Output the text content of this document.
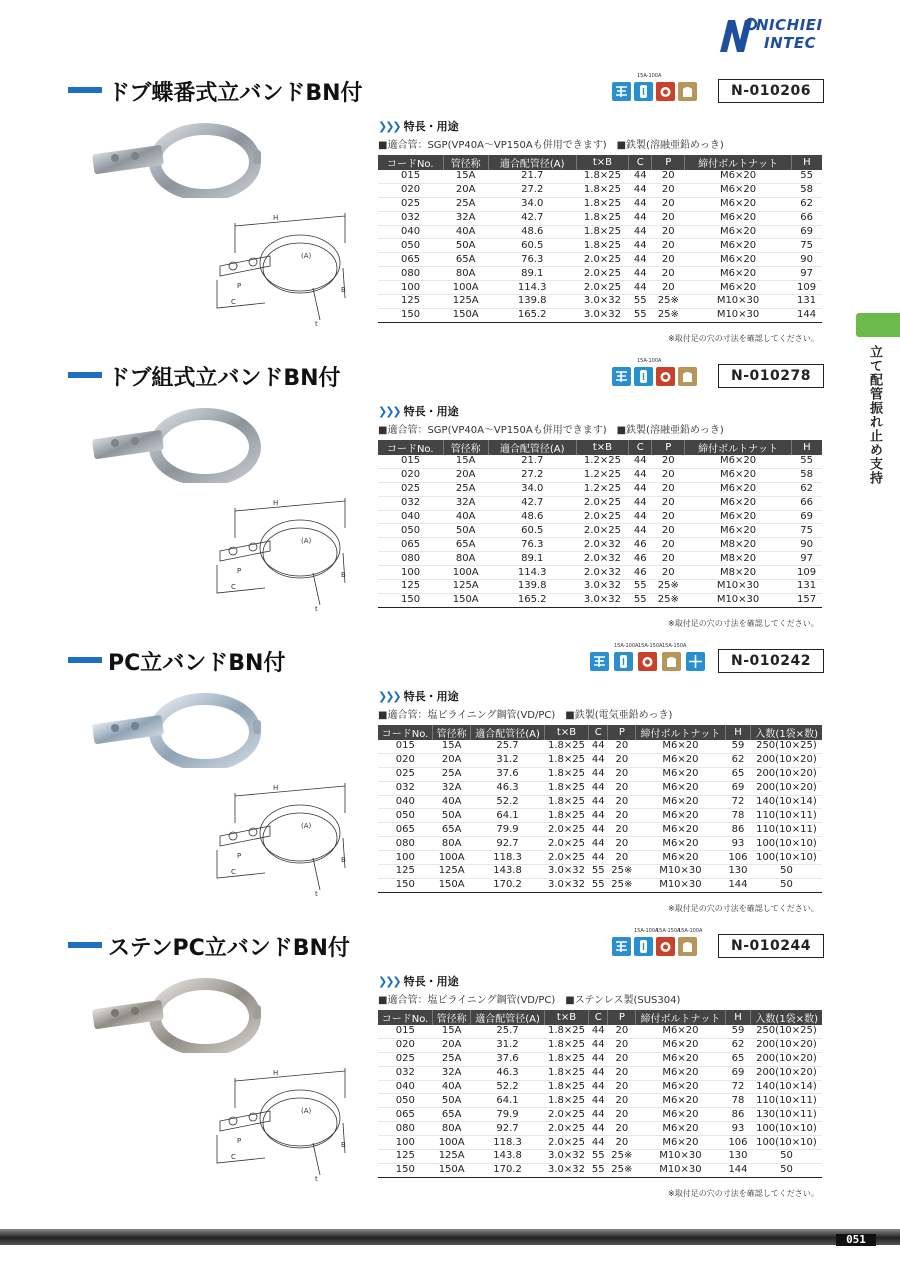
NICHIEI
INTEC
立て配管振れ止め支持
ドブ蝶番式立バンドBN付
15A-100A
N-010206
H
(A)
P
C
B
t
❯❯❯ 特長・用途
■適合管：SGP(VP40A～VP150Aも併用できます)　■鉄製(溶融亜鉛めっき)
コードNo.	管径称	適合配管径(A)	t×B	C	P	締付ボルトナット	H
015	15A	21.7	1.8×25	44	20	M6×20	55
020	20A	27.2	1.8×25	44	20	M6×20	58
025	25A	34.0	1.8×25	44	20	M6×20	62
032	32A	42.7	1.8×25	44	20	M6×20	66
040	40A	48.6	1.8×25	44	20	M6×20	69
050	50A	60.5	1.8×25	44	20	M6×20	75
065	65A	76.3	2.0×25	44	20	M6×20	90
080	80A	89.1	2.0×25	44	20	M6×20	97
100	100A	114.3	2.0×25	44	20	M6×20	109
125	125A	139.8	3.0×32	55	25※	M10×30	131
150	150A	165.2	3.0×32	55	25※	M10×30	144
※取付足の穴の寸法を確認してください。
ドブ組式立バンドBN付
15A-100A
N-010278
H
(A)
P
C
B
t
❯❯❯ 特長・用途
■適合管：SGP(VP40A～VP150Aも併用できます)　■鉄製(溶融亜鉛めっき)
コードNo.	管径称	適合配管径(A)	t×B	C	P	締付ボルトナット	H
015	15A	21.7	1.2×25	44	20	M6×20	55
020	20A	27.2	1.2×25	44	20	M6×20	58
025	25A	34.0	1.2×25	44	20	M6×20	62
032	32A	42.7	2.0×25	44	20	M6×20	66
040	40A	48.6	2.0×25	44	20	M6×20	69
050	50A	60.5	2.0×25	44	20	M6×20	75
065	65A	76.3	2.0×32	46	20	M8×20	90
080	80A	89.1	2.0×32	46	20	M8×20	97
100	100A	114.3	2.0×32	46	20	M8×20	109
125	125A	139.8	3.0×32	55	25※	M10×30	131
150	150A	165.2	3.0×32	55	25※	M10×30	157
※取付足の穴の寸法を確認してください。
PC立バンドBN付
15A-100A 15A-150A 15A-150A
N-010242
H
(A)
P
C
B
t
❯❯❯ 特長・用途
■適合管：塩ビライニング鋼管(VD/PC)　■鉄製(電気亜鉛めっき)
コードNo.	管径称	適合配管径(A)	t×B	C	P	締付ボルトナット	H	入数(1袋×数)
015	15A	25.7	1.8×25	44	20	M6×20	59	250(10×25)
020	20A	31.2	1.8×25	44	20	M6×20	62	200(10×20)
025	25A	37.6	1.8×25	44	20	M6×20	65	200(10×20)
032	32A	46.3	1.8×25	44	20	M6×20	69	200(10×20)
040	40A	52.2	1.8×25	44	20	M6×20	72	140(10×14)
050	50A	64.1	1.8×25	44	20	M6×20	78	110(10×11)
065	65A	79.9	2.0×25	44	20	M6×20	86	110(10×11)
080	80A	92.7	2.0×25	44	20	M6×20	93	100(10×10)
100	100A	118.3	2.0×25	44	20	M6×20	106	100(10×10)
125	125A	143.8	3.0×32	55	25※	M10×30	130	50
150	150A	170.2	3.0×32	55	25※	M10×30	144	50
※取付足の穴の寸法を確認してください。
ステンPC立バンドBN付
15A-100A
15A-150A
15A-100A
N-010244
H
(A)
P
C
B
t
❯❯❯ 特長・用途
■適合管：塩ビライニング鋼管(VD/PC)　■ステンレス製(SUS304)
コードNo.	管径称	適合配管径(A)	t×B	C	P	締付ボルトナット	H	入数(1袋×数)
015	15A	25.7	1.8×25	44	20	M6×20	59	250(10×25)
020	20A	31.2	1.8×25	44	20	M6×20	62	200(10×20)
025	25A	37.6	1.8×25	44	20	M6×20	65	200(10×20)
032	32A	46.3	1.8×25	44	20	M6×20	69	200(10×20)
040	40A	52.2	1.8×25	44	20	M6×20	72	140(10×14)
050	50A	64.1	1.8×25	44	20	M6×20	78	110(10×11)
065	65A	79.9	2.0×25	44	20	M6×20	86	130(10×11)
080	80A	92.7	2.0×25	44	20	M6×20	93	100(10×10)
100	100A	118.3	2.0×25	44	20	M6×20	106	100(10×10)
125	125A	143.8	3.0×32	55	25※	M10×30	130	50
150	150A	170.2	3.0×32	55	25※	M10×30	144	50
※取付足の穴の寸法を確認してください。
051
